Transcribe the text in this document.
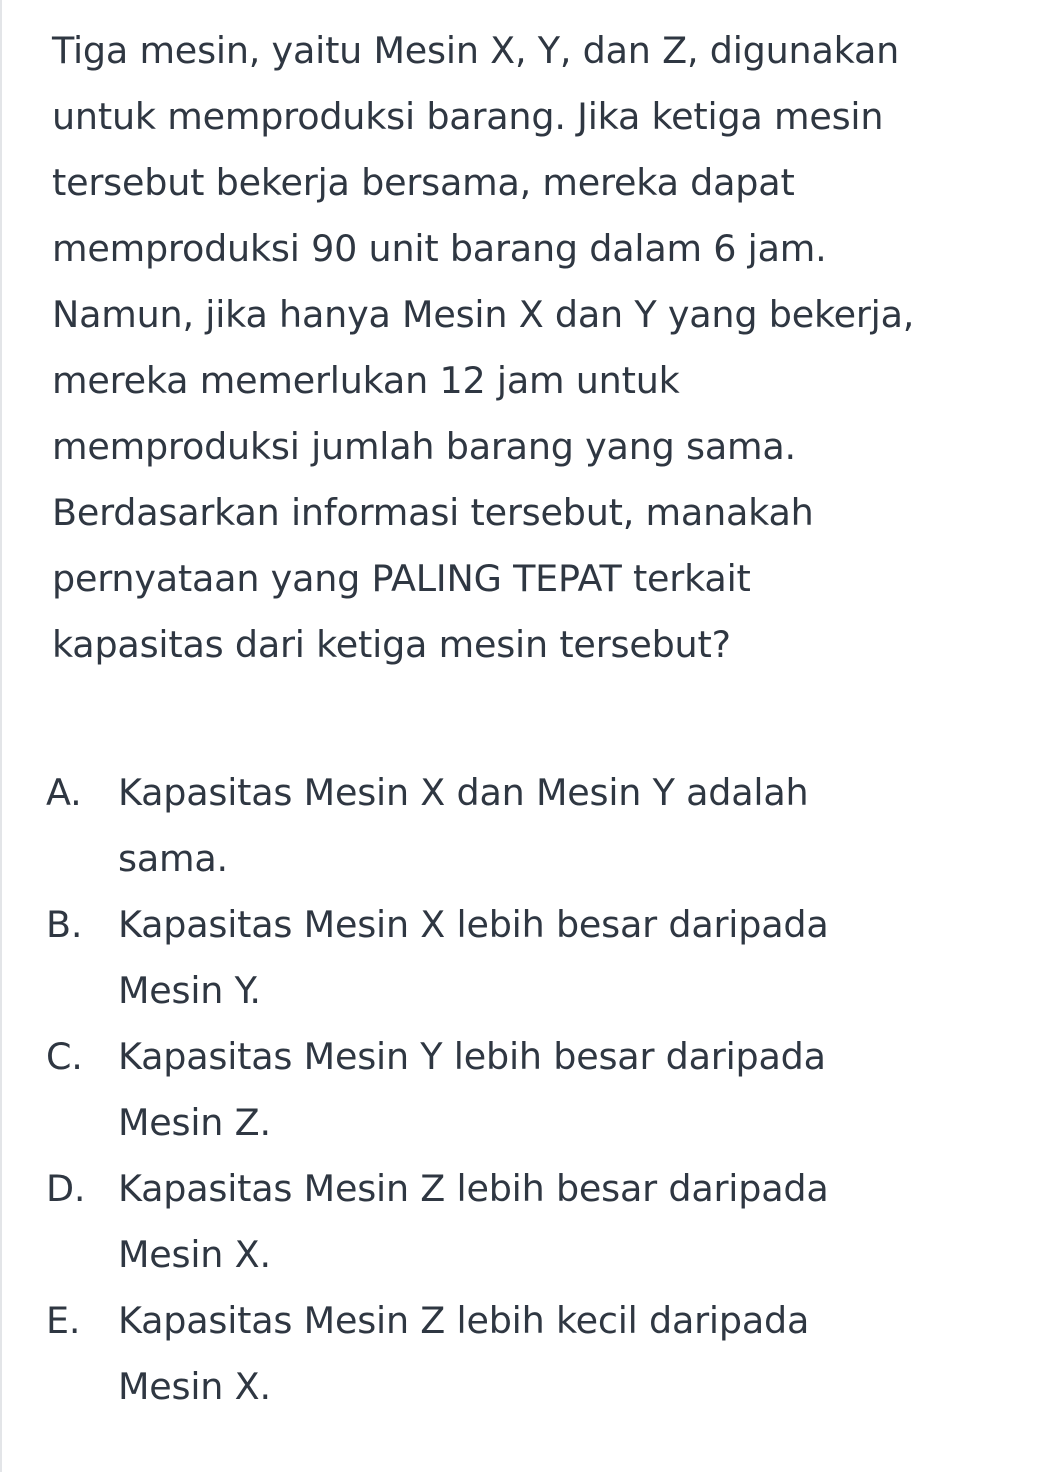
Tiga mesin, yaitu Mesin X, Y, dan Z, digunakan
untuk memproduksi barang. Jika ketiga mesin
tersebut bekerja bersama, mereka dapat
memproduksi 90 unit barang dalam 6 jam.
Namun, jika hanya Mesin X dan Y yang bekerja,
mereka memerlukan 12 jam untuk
memproduksi jumlah barang yang sama.
Berdasarkan informasi tersebut, manakah
pernyataan yang PALING TEPAT terkait
kapasitas dari ketiga mesin tersebut?

A. Kapasitas Mesin X dan Mesin Y adalah
sama.
B. Kapasitas Mesin X lebih besar daripada
Mesin Y.
C. Kapasitas Mesin Y lebih besar daripada
Mesin Z.
D. Kapasitas Mesin Z lebih besar daripada
Mesin X.
E.	Kapasitas Mesin Z lebih kecil daripada
Mesin X.
